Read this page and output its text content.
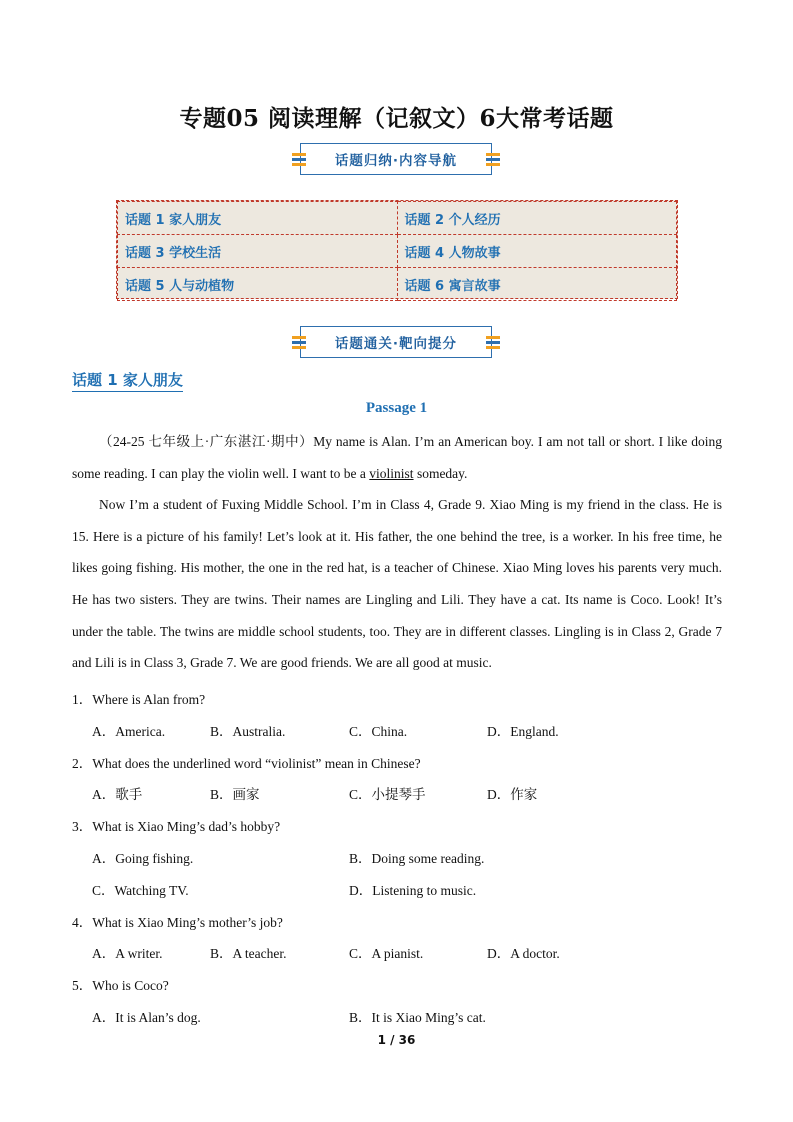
专题05 阅读理解（记叙文）6大常考话题
话题归纳·内容导航
话题 1 家人朋友	话题 2 个人经历
话题 3 学校生活	话题 4 人物故事
话题 5 人与动植物	话题 6 寓言故事
话题通关·靶向提分
话题 1 家人朋友
Passage 1

（24-25 七年级上·广东湛江·期中）My name is Alan. I’m an American boy. I am not tall or short. I like doing some reading. I can play the violin well. I want to be a violinist someday.

Now I’m a student of Fuxing Middle School. I’m in Class 4, Grade 9. Xiao Ming is my friend in the class. He is 15. Here is a picture of his family! Let’s look at it. His father, the one behind the tree, is a worker. In his free time, he likes going fishing. His mother, the one in the red hat, is a teacher of Chinese. Xiao Ming loves his parents very much. He has two sisters. They are twins. Their names are Lingling and Lili. They have a cat. Its name is Coco. Look! It’s under the table. The twins are middle school students, too. They are in different classes. Lingling is in Class 2, Grade 7 and Lili is in Class 3, Grade 7. We are good friends. We are all good at music.

1．Where is Alan from?
A．America.	B．Australia.	C．China.	D．England.
2．What does the underlined word “violinist” mean in Chinese?
A．歌手	B．画家	C．小提琴手	D．作家
3．What is Xiao Ming’s dad’s hobby?
A．Going fishing.	B．Doing some reading.
C．Watching TV.	D．Listening to music.
4．What is Xiao Ming’s mother’s job?
A．A writer.	B．A teacher.	C．A pianist.	D．A doctor.
5．Who is Coco?
A．It is Alan’s dog.	B．It is Xiao Ming’s cat.
1 / 36
